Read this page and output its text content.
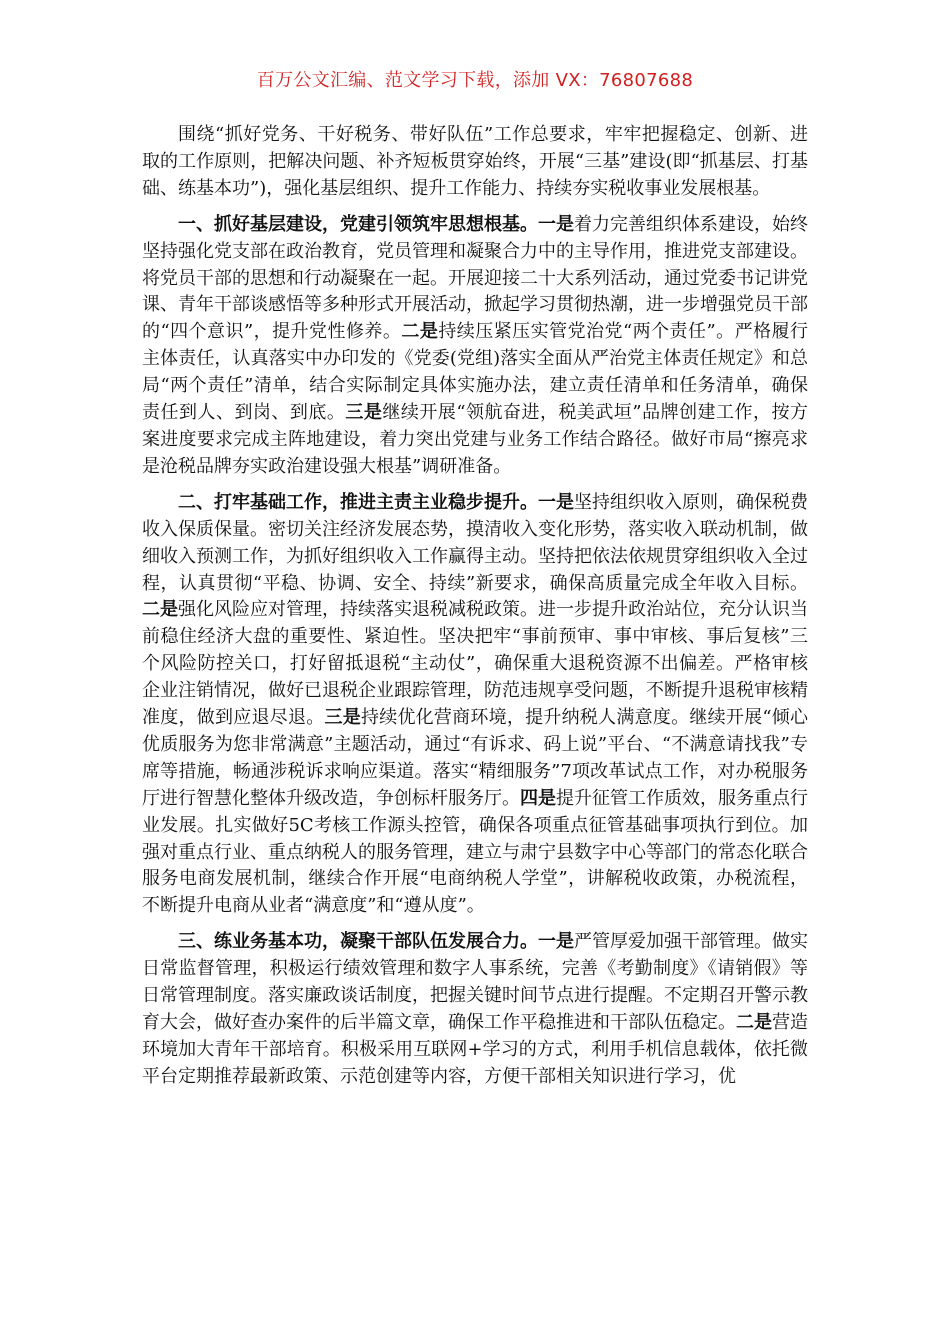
百万公文汇编、范文学习下载，添加 VX：76807688

围绕“抓好党务、干好税务、带好队伍”工作总要求，牢牢把握稳定、创新、进取的工作原则，把解决问题、补齐短板贯穿始终，开展“三基”建设(即“抓基层、打基础、练基本功”)，强化基层组织、提升工作能力、持续夯实税收事业发展根基。

一、抓好基层建设，党建引领筑牢思想根基。一是着力完善组织体系建设，始终坚持强化党支部在政治教育，党员管理和凝聚合力中的主导作用，推进党支部建设。将党员干部的思想和行动凝聚在一起。开展迎接二十大系列活动，通过党委书记讲党课、青年干部谈感悟等多种形式开展活动，掀起学习贯彻热潮，进一步增强党员干部的“四个意识”，提升党性修养。二是持续压紧压实管党治党“两个责任”。严格履行主体责任，认真落实中办印发的《党委(党组)落实全面从严治党主体责任规定》和总局“两个责任”清单，结合实际制定具体实施办法，建立责任清单和任务清单，确保责任到人、到岗、到底。三是继续开展“领航奋进，税美武垣”品牌创建工作，按方案进度要求完成主阵地建设，着力突出党建与业务工作结合路径。做好市局“擦亮求是沧税品牌夯实政治建设强大根基”调研准备。

二、打牢基础工作，推进主责主业稳步提升。一是坚持组织收入原则，确保税费收入保质保量。密切关注经济发展态势，摸清收入变化形势，落实收入联动机制，做细收入预测工作，为抓好组织收入工作赢得主动。坚持把依法依规贯穿组织收入全过程，认真贯彻“平稳、协调、安全、持续”新要求，确保高质量完成全年收入目标。二是强化风险应对管理，持续落实退税减税政策。进一步提升政治站位，充分认识当前稳住经济大盘的重要性、紧迫性。坚决把牢“事前预审、事中审核、事后复核”三个风险防控关口，打好留抵退税“主动仗”，确保重大退税资源不出偏差。严格审核企业注销情况，做好已退税企业跟踪管理，防范违规享受问题，不断提升退税审核精准度，做到应退尽退。三是持续优化营商环境，提升纳税人满意度。继续开展“倾心优质服务为您非常满意”主题活动，通过“有诉求、码上说”平台、“不满意请找我”专席等措施，畅通涉税诉求响应渠道。落实“精细服务”7项改革试点工作，对办税服务厅进行智慧化整体升级改造，争创标杆服务厅。四是提升征管工作质效，服务重点行业发展。扎实做好5C考核工作源头控管，确保各项重点征管基础事项执行到位。加强对重点行业、重点纳税人的服务管理，建立与肃宁县数字中心等部门的常态化联合服务电商发展机制，继续合作开展“电商纳税人学堂”，讲解税收政策，办税流程，不断提升电商从业者“满意度”和“遵从度”。

三、练业务基本功，凝聚干部队伍发展合力。一是严管厚爱加强干部管理。做实日常监督管理，积极运行绩效管理和数字人事系统，完善《考勤制度》《请销假》等日常管理制度。落实廉政谈话制度，把握关键时间节点进行提醒。不定期召开警示教育大会，做好查办案件的后半篇文章，确保工作平稳推进和干部队伍稳定。二是营造环境加大青年干部培育。积极采用互联网+学习的方式，利用手机信息载体，依托微平台定期推荐最新政策、示范创建等内容，方便干部相关知识进行学习，优
